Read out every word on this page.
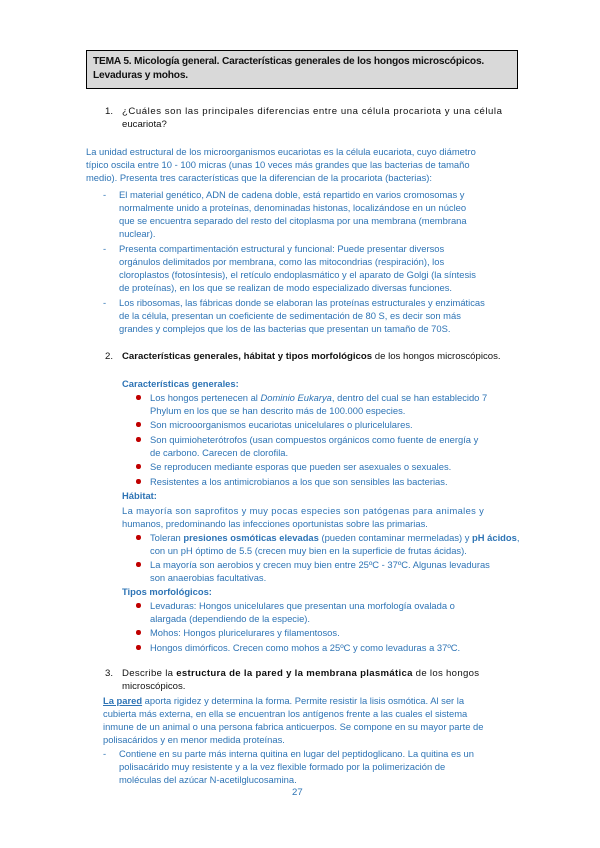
TEMA 5. Micología general. Características generales de los hongos microscópicos.
Levaduras y mohos.
1. ¿Cuáles son las principales diferencias entre una célula procariota y una célula
eucariota?
La unidad estructural de los microorganismos eucariotas es la célula eucariota, cuyo diámetro
típico oscila entre 10 - 100 micras (unas 10 veces más grandes que las bacterias de tamaño
medio). Presenta tres características que la diferencian de la procariota (bacterias):
- El material genético, ADN de cadena doble, está repartido en varios cromosomas y
normalmente unido a proteínas, denominadas histonas, localizándose en un núcleo
que se encuentra separado del resto del citoplasma por una membrana (membrana
nuclear).
- Presenta compartimentación estructural y funcional: Puede presentar diversos
orgánulos delimitados por membrana, como las mitocondrias (respiración), los
cloroplastos (fotosíntesis), el retículo endoplasmático y el aparato de Golgi (la síntesis
de proteínas), en los que se realizan de modo especializado diversas funciones.
- Los ribosomas, las fábricas donde se elaboran las proteínas estructurales y enzimáticas
de la célula, presentan un coeficiente de sedimentación de 80 S, es decir son más
grandes y complejos que los de las bacterias que presentan un tamaño de 70S.
2. Características generales, hábitat y tipos morfológicos de los hongos microscópicos.
Características generales:
Los hongos pertenecen al Dominio Eukarya, dentro del cual se han establecido 7
Phylum en los que se han descrito más de 100.000 especies.
Son microoorganismos eucariotas unicelulares o pluricelulares.
Son quimioheterótrofos (usan compuestos orgánicos como fuente de energía y
de carbono. Carecen de clorofila.
Se reproducen mediante esporas que pueden ser asexuales o sexuales.
Resistentes a los antimicrobianos a los que son sensibles las bacterias.
Hábitat:
La mayoría son saprofitos y muy pocas especies son patógenas para animales y
humanos, predominando las infecciones oportunistas sobre las primarias.
Toleran presiones osmóticas elevadas (pueden contaminar mermeladas) y pH ácidos,
con un pH óptimo de 5.5 (crecen muy bien en la superficie de frutas ácidas).
La mayoría son aerobios y crecen muy bien entre 25ºC - 37ºC. Algunas levaduras
son anaerobias facultativas.
Tipos morfológicos:
Levaduras: Hongos unicelulares que presentan una morfología ovalada o
alargada (dependiendo de la especie).
Mohos: Hongos pluricelurares y filamentosos.
Hongos dimórficos. Crecen como mohos a 25ºC y como levaduras a 37ºC.
3. Describe la estructura de la pared y la membrana plasmática de los hongos
microscópicos.
La pared aporta rigidez y determina la forma. Permite resistir la lisis osmótica. Al ser la
cubierta más externa, en ella se encuentran los antígenos frente a las cuales el sistema
inmune de un animal o una persona fabrica anticuerpos. Se compone en su mayor parte de
polisacáridos y en menor medida proteínas.
- Contiene en su parte más interna quitina en lugar del peptidoglicano. La quitina es un
polisacárido muy resistente y a la vez flexible formado por la polimerización de
moléculas del azúcar N-acetilglucosamina.
27
